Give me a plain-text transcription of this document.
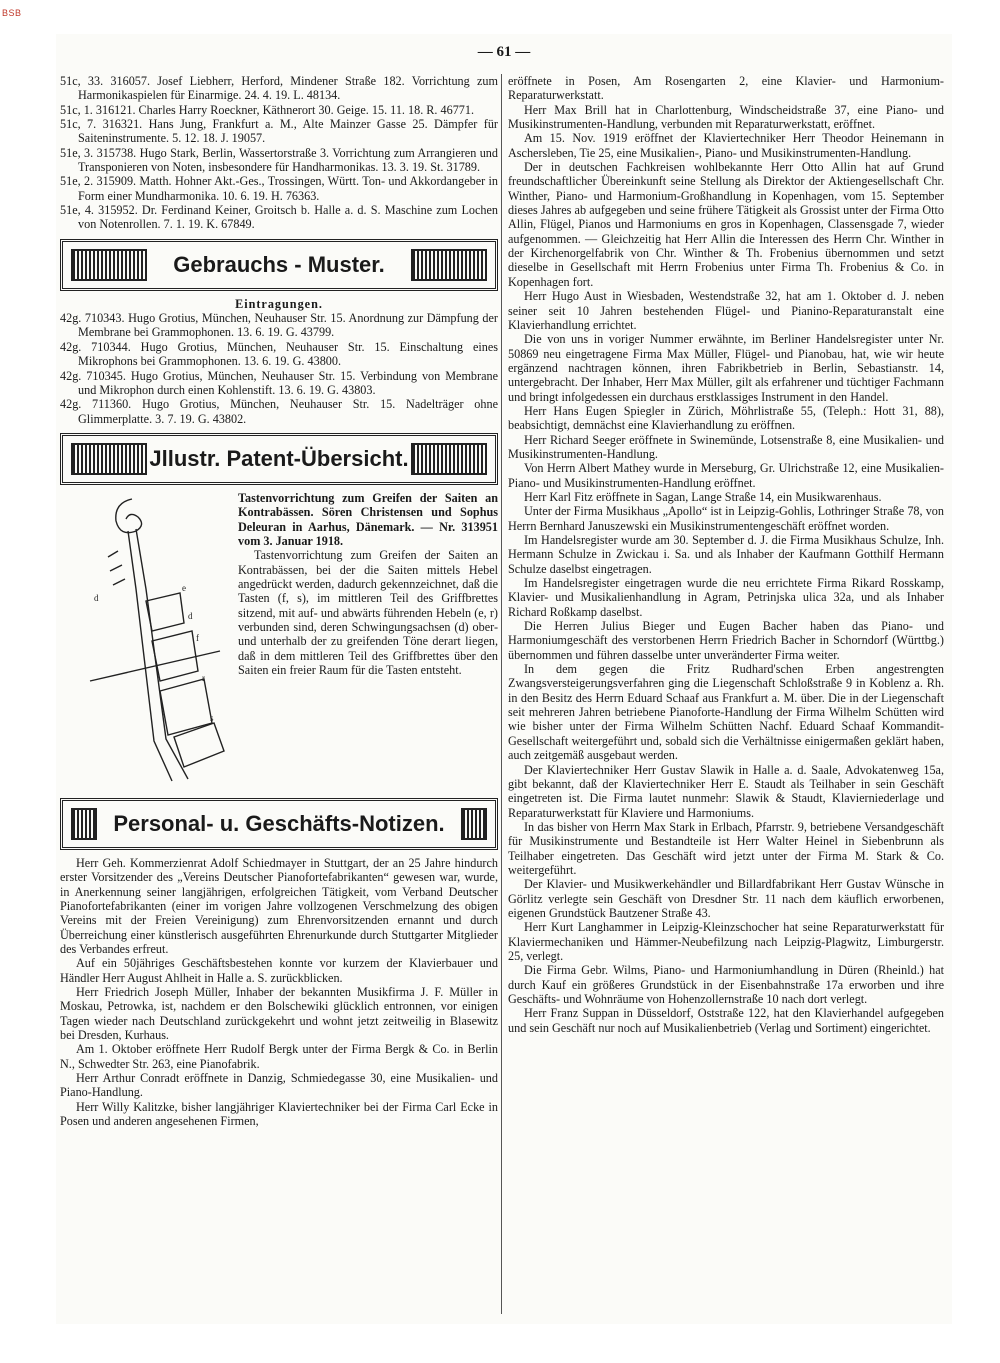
BSB
— 61 —

51c, 33. 316057. Josef Liebherr, Herford, Mindener Straße 182. Vorrichtung zum Harmonikaspielen für Einarmige. 24. 4. 19. L. 48134.

51c, 1. 316121. Charles Harry Roeckner, Käthnerort 30. Geige. 15. 11. 18. R. 46771.

51c, 7. 316321. Hans Jung, Frankfurt a. M., Alte Mainzer Gasse 25. Dämpfer für Saiteninstrumente. 5. 12. 18. J. 19057.

51e, 3. 315738. Hugo Stark, Berlin, Wassertorstraße 3. Vorrichtung zum Arrangieren und Transponieren von Noten, insbesondere für Handharmonikas. 13. 3. 19. St. 31789.

51e, 2. 315909. Matth. Hohner Akt.-Ges., Trossingen, Württ. Ton- und Akkordangeber in Form einer Mundharmonika. 10. 6. 19. H. 76363.

51e, 4. 315952. Dr. Ferdinand Keiner, Groitsch b. Halle a. d. S. Maschine zum Lochen von Notenrollen. 7. 1. 19. K. 67849.

Gebrauchs - Muster.

Eintragungen.

42g. 710343. Hugo Grotius, München, Neuhauser Str. 15. Anordnung zur Dämpfung der Membrane bei Grammophonen. 13. 6. 19. G. 43799.

42g. 710344. Hugo Grotius, München, Neuhauser Str. 15. Einschaltung eines Mikrophons bei Grammophonen. 13. 6. 19. G. 43800.

42g. 710345. Hugo Grotius, München, Neuhauser Str. 15. Verbindung von Membrane und Mikrophon durch einen Kohlenstift. 13. 6. 19. G. 43803.

42g. 711360. Hugo Grotius, München, Neuhauser Str. 15. Nadelträger ohne Glimmerplatte. 3. 7. 19. G. 43802.

Jllustr. Patent-Übersicht.
e
d
f
r
s
d

Tastenvorrichtung zum Greifen der Saiten an Kontrabässen. Sören Christensen und Sophus Deleuran in Aarhus, Dänemark. — Nr. 313951 vom 3. Januar 1918.

Tastenvorrichtung zum Greifen der Saiten an Kontrabässen, bei der die Saiten mittels Hebel angedrückt werden, dadurch gekennzeichnet, daß die Tasten (f, s), im mittleren Teil des Griffbrettes sitzend, mit auf- und abwärts führenden Hebeln (e, r) verbunden sind, deren Schwingungsachsen (d) ober- und unterhalb der zu greifenden Töne derart liegen, daß in dem mittleren Teil des Griffbrettes über den Saiten ein freier Raum für die Tasten entsteht.

Personal- u. Geschäfts-Notizen.

Herr Geh. Kommerzienrat Adolf Schiedmayer in Stuttgart, der an 25 Jahre hindurch erster Vorsitzender des „Vereins Deutscher Pianofortefabrikanten“ gewesen war, wurde, in Anerkennung seiner langjährigen, erfolgreichen Tätigkeit, vom Verband Deutscher Pianofortefabrikanten (einer im vorigen Jahre vollzogenen Verschmelzung des obigen Vereins mit der Freien Vereinigung) zum Ehrenvorsitzenden ernannt und durch Überreichung einer künstlerisch ausgeführten Ehrenurkunde durch Stuttgarter Mitglieder des Verbandes erfreut.

Auf ein 50jähriges Geschäftsbestehen konnte vor kurzem der Klavierbauer und Händler Herr August Ahlheit in Halle a. S. zurückblicken.

Herr Friedrich Joseph Müller, Inhaber der bekannten Musikfirma J. F. Müller in Moskau, Petrowka, ist, nachdem er den Bolschewiki glücklich entronnen, vor einigen Tagen wieder nach Deutschland zurückgekehrt und wohnt jetzt zeitweilig in Blasewitz bei Dresden, Kurhaus.

Am 1. Oktober eröffnete Herr Rudolf Bergk unter der Firma Bergk & Co. in Berlin N., Schwedter Str. 263, eine Pianofabrik.

Herr Arthur Conradt eröffnete in Danzig, Schmiedegasse 30, eine Musikalien- und Piano-Handlung.

Herr Willy Kalitzke, bisher langjähriger Klaviertechniker bei der Firma Carl Ecke in Posen und anderen angesehenen Firmen,

eröffnete in Posen, Am Rosengarten 2, eine Klavier- und Harmonium-Reparaturwerkstatt.

Herr Max Brill hat in Charlottenburg, Windscheidstraße 37, eine Piano- und Musikinstrumenten-Handlung, verbunden mit Reparaturwerkstatt, eröffnet.

Am 15. Nov. 1919 eröffnet der Klaviertechniker Herr Theodor Heinemann in Aschersleben, Tie 25, eine Musikalien-, Piano- und Musikinstrumenten-Handlung.

Der in deutschen Fachkreisen wohlbekannte Herr Otto Allin hat auf Grund freundschaftlicher Übereinkunft seine Stellung als Direktor der Aktiengesellschaft Chr. Winther, Piano- und Harmonium-Großhandlung in Kopenhagen, vom 15. September dieses Jahres ab aufgegeben und seine frühere Tätigkeit als Grossist unter der Firma Otto Allin, Flügel, Pianos und Harmoniums en gros in Kopenhagen, Classensgade 7, wieder aufgenommen. — Gleichzeitig hat Herr Allin die Interessen des Herrn Chr. Winther in der Kirchenorgelfabrik von Chr. Winther & Th. Frobenius übernommen und setzt dieselbe in Gesellschaft mit Herrn Frobenius unter Firma Th. Frobenius & Co. in Kopenhagen fort.

Herr Hugo Aust in Wiesbaden, Westendstraße 32, hat am 1. Oktober d. J. neben seiner seit 10 Jahren bestehenden Flügel- und Pianino-Reparaturanstalt eine Klavierhandlung errichtet.

Die von uns in voriger Nummer erwähnte, im Berliner Handelsregister unter Nr. 50869 neu eingetragene Firma Max Müller, Flügel- und Pianobau, hat, wie wir heute ergänzend nachtragen können, ihren Fabrikbetrieb in Berlin, Sebastianstr. 14, untergebracht. Der Inhaber, Herr Max Müller, gilt als erfahrener und tüchtiger Fachmann und bringt infolgedessen ein durchaus erstklassiges Instrument in den Handel.

Herr Hans Eugen Spiegler in Zürich, Möhrlistraße 55, (Teleph.: Hott 31, 88), beabsichtigt, demnächst eine Klavierhandlung zu eröffnen.

Herr Richard Seeger eröffnete in Swinemünde, Lotsenstraße 8, eine Musikalien- und Musikinstrumenten-Handlung.

Von Herrn Albert Mathey wurde in Merseburg, Gr. Ulrichstraße 12, eine Musikalien- Piano- und Musikinstrumenten-Handlung eröffnet.

Herr Karl Fitz eröffnete in Sagan, Lange Straße 14, ein Musikwarenhaus.

Unter der Firma Musikhaus „Apollo“ ist in Leipzig-Gohlis, Lothringer Straße 78, von Herrn Bernhard Januszewski ein Musikinstrumentengeschäft eröffnet worden.

Im Handelsregister wurde am 30. September d. J. die Firma Musikhaus Schulze, Inh. Hermann Schulze in Zwickau i. Sa. und als Inhaber der Kaufmann Gotthilf Hermann Schulze daselbst eingetragen.

Im Handelsregister eingetragen wurde die neu errichtete Firma Rikard Rosskamp, Klavier- und Musikalienhandlung in Agram, Petrinjska ulica 32a, und als Inhaber Richard Roßkamp daselbst.

Die Herren Julius Bieger und Eugen Bacher haben das Piano- und Harmoniumgeschäft des verstorbenen Herrn Friedrich Bacher in Schorndorf (Württbg.) übernommen und führen dasselbe unter unveränderter Firma weiter.

In dem gegen die Fritz Rudhard'schen Erben angestrengten Zwangsversteigerungsverfahren ging die Liegenschaft Schloßstraße 9 in Koblenz a. Rh. in den Besitz des Herrn Eduard Schaaf aus Frankfurt a. M. über. Die in der Liegenschaft seit mehreren Jahren betriebene Pianoforte-Handlung der Firma Wilhelm Schütten wird wie bisher unter der Firma Wilhelm Schütten Nachf. Eduard Schaaf Kommandit-Gesellschaft weitergeführt und, sobald sich die Verhältnisse einigermaßen geklärt haben, auch zeitgemäß ausgebaut werden.

Der Klaviertechniker Herr Gustav Slawik in Halle a. d. Saale, Advokatenweg 15a, gibt bekannt, daß der Klaviertechniker Herr E. Staudt als Teilhaber in sein Geschäft eingetreten ist. Die Firma lautet nunmehr: Slawik & Staudt, Klavierniederlage und Reparaturwerkstatt für Klaviere und Harmoniums.

In das bisher von Herrn Max Stark in Erlbach, Pfarrstr. 9, betriebene Versandgeschäft für Musikinstrumente und Bestandteile ist Herr Walter Heinel in Siebenbrunn als Teilhaber eingetreten. Das Geschäft wird jetzt unter der Firma M. Stark & Co. weitergeführt.

Der Klavier- und Musikwerkehändler und Billardfabrikant Herr Gustav Wünsche in Görlitz verlegte sein Geschäft von Dresdner Str. 11 nach dem käuflich erworbenen, eigenen Grundstück Bautzener Straße 43.

Herr Kurt Langhammer in Leipzig-Kleinzschocher hat seine Reparaturwerkstatt für Klaviermechaniken und Hämmer-Neubefilzung nach Leipzig-Plagwitz, Limburgerstr. 25, verlegt.

Die Firma Gebr. Wilms, Piano- und Harmoniumhandlung in Düren (Rheinld.) hat durch Kauf ein größeres Grundstück in der Eisenbahnstraße 17a erworben und ihre Geschäfts- und Wohnräume von Hohenzollernstraße 10 nach dort verlegt.

Herr Franz Suppan in Düsseldorf, Oststraße 122, hat den Klavierhandel aufgegeben und sein Geschäft nur noch auf Musikalienbetrieb (Verlag und Sortiment) eingerichtet.
